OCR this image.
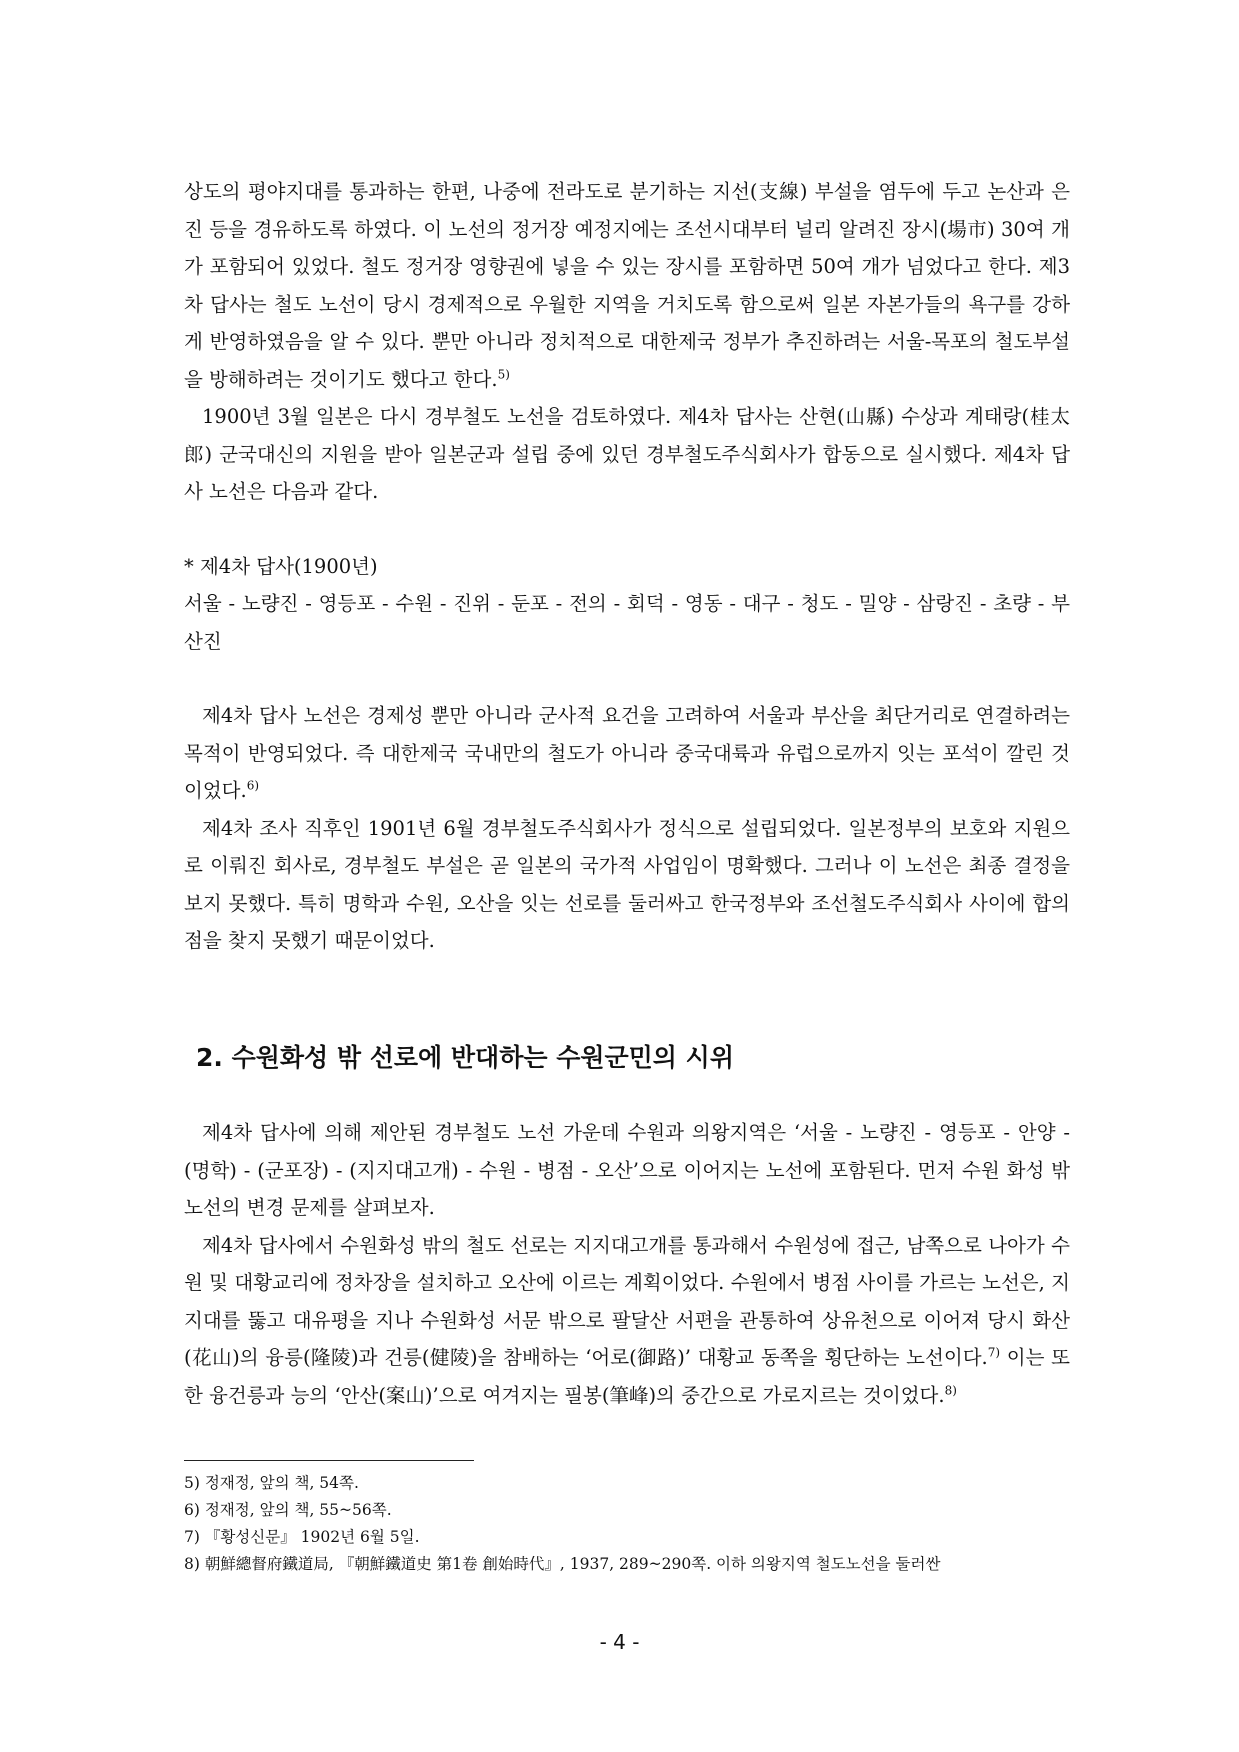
상도의 평야지대를 통과하는 한편, 나중에 전라도로 분기하는 지선(支線) 부설을 염두에 두고 논산과 은진 등을 경유하도록 하였다. 이 노선의 정거장 예정지에는 조선시대부터 널리 알려진 장시(場市) 30여 개가 포함되어 있었다. 철도 정거장 영향권에 넣을 수 있는 장시를 포함하면 50여 개가 넘었다고 한다. 제3차 답사는 철도 노선이 당시 경제적으로 우월한 지역을 거치도록 함으로써 일본 자본가들의 욕구를 강하게 반영하였음을 알 수 있다. 뿐만 아니라 정치적으로 대한제국 정부가 추진하려는 서울-목포의 철도부설을 방해하려는 것이기도 했다고 한다.$^{5)}$

1900년 3월 일본은 다시 경부철도 노선을 검토하였다. 제4차 답사는 산현(山縣) 수상과 계태랑(桂太郎) 군국대신의 지원을 받아 일본군과 설립 중에 있던 경부철도주식회사가 합동으로 실시했다. 제4차 답사 노선은 다음과 같다.

* 제4차 답사(1900년)

서울 - 노량진 - 영등포 - 수원 - 진위 - 둔포 - 전의 - 회덕 - 영동 - 대구 - 청도 - 밀양 - 삼랑진 - 초량 - 부산진

제4차 답사 노선은 경제성 뿐만 아니라 군사적 요건을 고려하여 서울과 부산을 최단거리로 연결하려는 목적이 반영되었다. 즉 대한제국 국내만의 철도가 아니라 중국대륙과 유럽으로까지 잇는 포석이 깔린 것이었다.$^{6)}$

제4차 조사 직후인 1901년 6월 경부철도주식회사가 정식으로 설립되었다. 일본정부의 보호와 지원으로 이뤄진 회사로, 경부철도 부설은 곧 일본의 국가적 사업임이 명확했다. 그러나 이 노선은 최종 결정을 보지 못했다. 특히 명학과 수원, 오산을 잇는 선로를 둘러싸고 한국정부와 조선철도주식회사 사이에 합의점을 찾지 못했기 때문이었다.

2. 수원화성 밖 선로에 반대하는 수원군민의 시위

제4차 답사에 의해 제안된 경부철도 노선 가운데 수원과 의왕지역은 ‘서울 - 노량진 - 영등포 - 안양 - (명학) - (군포장) - (지지대고개) - 수원 - 병점 - 오산’으로 이어지는 노선에 포함된다. 먼저 수원 화성 밖 노선의 변경 문제를 살펴보자.

제4차 답사에서 수원화성 밖의 철도 선로는 지지대고개를 통과해서 수원성에 접근, 남쪽으로 나아가 수원 및 대황교리에 정차장을 설치하고 오산에 이르는 계획이었다. 수원에서 병점 사이를 가르는 노선은, 지지대를 뚫고 대유평을 지나 수원화성 서문 밖으로 팔달산 서편을 관통하여 상유천으로 이어져 당시 화산(花山)의 융릉(隆陵)과 건릉(健陵)을 참배하는 ‘어로(御路)’ 대황교 동쪽을 횡단하는 노선이다.$^{7)}$ 이는 또한 융건릉과 능의 ‘안산(案山)’으로 여겨지는 필봉(筆峰)의 중간으로 가로지르는 것이었다.$^{8)}$

5) 정재정, 앞의 책, 54쪽.
6) 정재정, 앞의 책, 55~56쪽.
7) 『황성신문』 1902년 6월 5일.
8) 朝鮮總督府鐵道局, 『朝鮮鐵道史 第1卷 創始時代』, 1937, 289~290쪽. 이하 의왕지역 철도노선을 둘러싼
- 4 -
